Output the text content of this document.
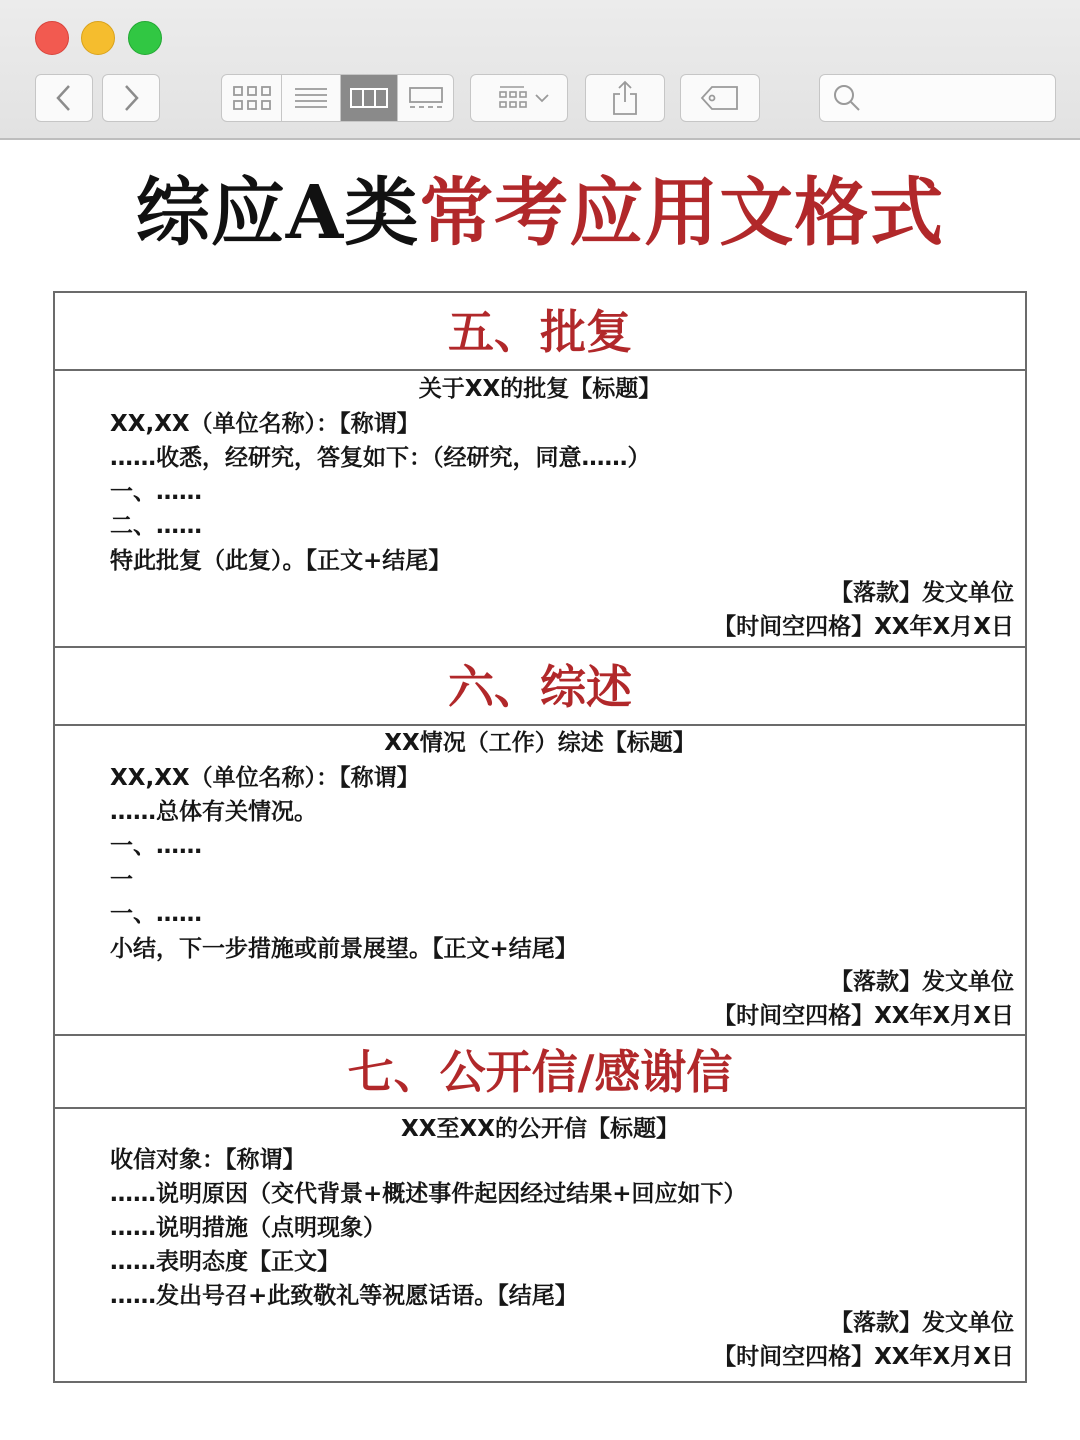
综应A类常考应用文格式
五、批复
关于XX的批复【标题】
XX,XX（单位名称）：【称谓】
……收悉，经研究，答复如下：（经研究，同意……）
一、……
二、……
特此批复（此复）。【正文+结尾】
【落款】发文单位
【时间空四格】XX年X月X日
六、综述
XX情况（工作）综述【标题】
XX,XX（单位名称）：【称谓】
……总体有关情况。
一、……
一
一、……
小结，下一步措施或前景展望。【正文+结尾】
【落款】发文单位
【时间空四格】XX年X月X日
七、公开信/感谢信
XX至XX的公开信【标题】
收信对象：【称谓】
……说明原因（交代背景+概述事件起因经过结果+回应如下）
……说明措施（点明现象）
……表明态度【正文】
……发出号召+此致敬礼等祝愿话语。【结尾】
【落款】发文单位
【时间空四格】XX年X月X日
